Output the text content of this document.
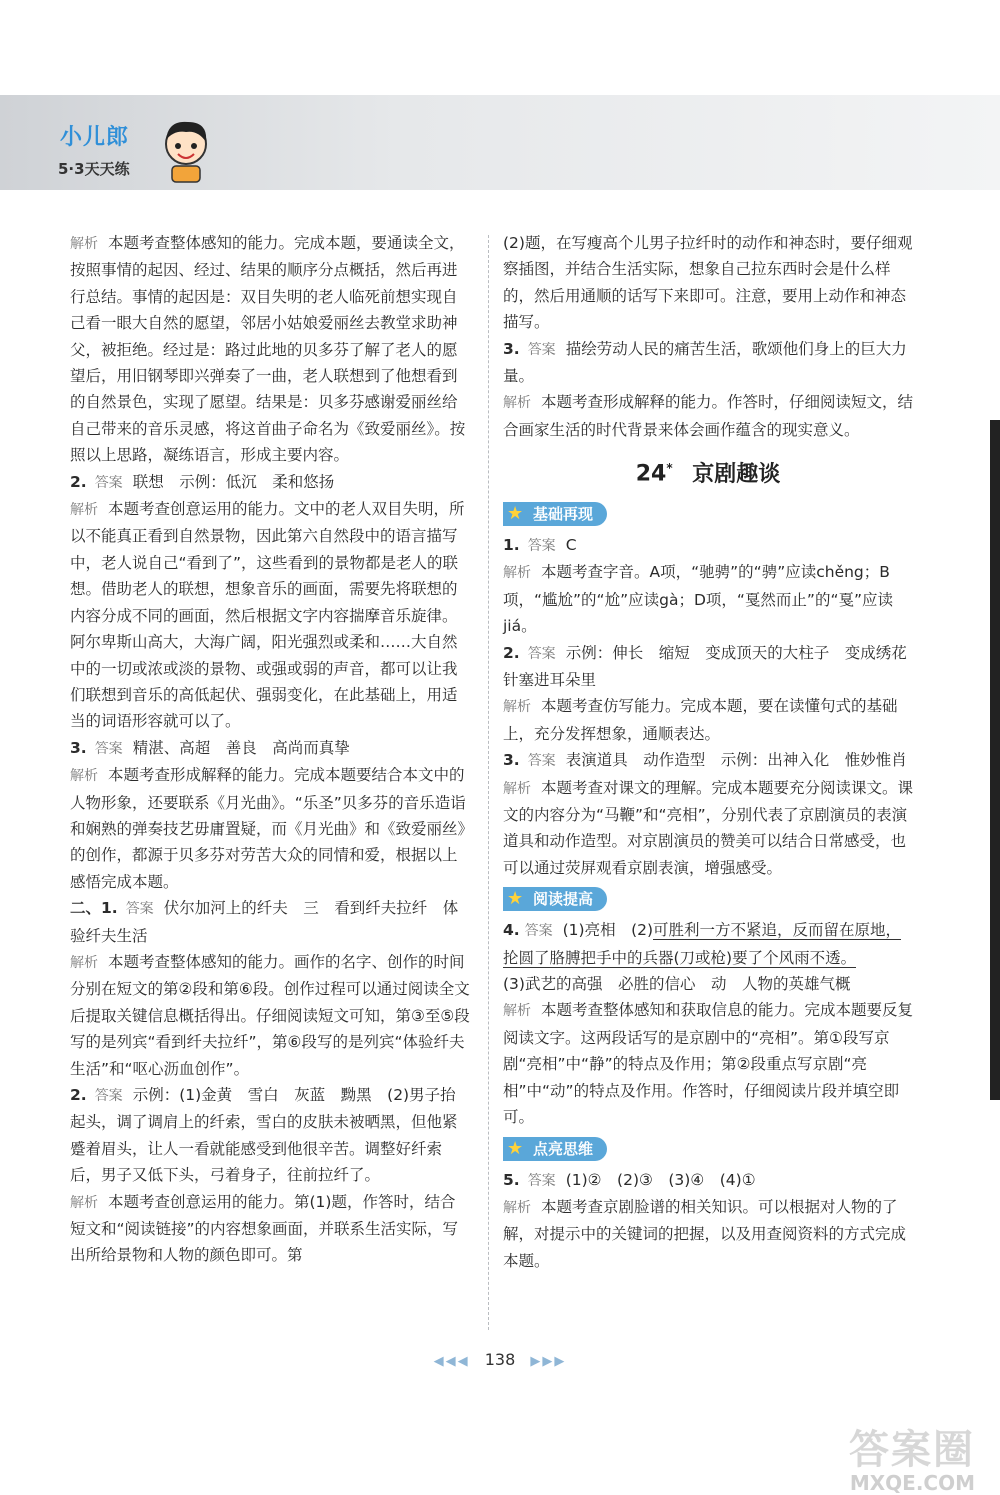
小儿郎
5·3天天练

解析 本题考查整体感知的能力。完成本题，要通读全文，按照事情的起因、经过、结果的顺序分点概括，然后再进行总结。事情的起因是：双目失明的老人临死前想实现自己看一眼大自然的愿望，邻居小姑娘爱丽丝去教堂求助神父，被拒绝。经过是：路过此地的贝多芬了解了老人的愿望后，用旧钢琴即兴弹奏了一曲，老人联想到了他想看到的自然景色，实现了愿望。结果是：贝多芬感谢爱丽丝给自己带来的音乐灵感，将这首曲子命名为《致爱丽丝》。按照以上思路，凝练语言，形成主要内容。

2. 答案 联想　示例：低沉　柔和悠扬

解析 本题考查创意运用的能力。文中的老人双目失明，所以不能真正看到自然景物，因此第六自然段中的语言描写中，老人说自己“看到了”，这些看到的景物都是老人的联想。借助老人的联想，想象音乐的画面，需要先将联想的内容分成不同的画面，然后根据文字内容揣摩音乐旋律。阿尔卑斯山高大，大海广阔，阳光强烈或柔和……大自然中的一切或浓或淡的景物、或强或弱的声音，都可以让我们联想到音乐的高低起伏、强弱变化，在此基础上，用适当的词语形容就可以了。

3. 答案 精湛、高超　善良　高尚而真挚

解析 本题考查形成解释的能力。完成本题要结合本文中的人物形象，还要联系《月光曲》。“乐圣”贝多芬的音乐造诣和娴熟的弹奏技艺毋庸置疑，而《月光曲》和《致爱丽丝》的创作，都源于贝多芬对劳苦大众的同情和爱，根据以上感悟完成本题。

二、1. 答案 伏尔加河上的纤夫　三　看到纤夫拉纤　体验纤夫生活

解析 本题考查整体感知的能力。画作的名字、创作的时间分别在短文的第②段和第⑥段。创作过程可以通过阅读全文后提取关键信息概括得出。仔细阅读短文可知，第③至⑤段写的是列宾“看到纤夫拉纤”，第⑥段写的是列宾“体验纤夫生活”和“呕心沥血创作”。

2. 答案 示例：(1)金黄　雪白　灰蓝　黝黑　(2)男子抬起头，调了调肩上的纤索，雪白的皮肤未被晒黑，但他紧蹙着眉头，让人一看就能感受到他很辛苦。调整好纤索后，男子又低下头，弓着身子，往前拉纤了。

解析 本题考查创意运用的能力。第(1)题，作答时，结合短文和“阅读链接”的内容想象画面，并联系生活实际，写出所给景物和人物的颜色即可。第

(2)题，在写瘦高个儿男子拉纤时的动作和神态时，要仔细观察插图，并结合生活实际，想象自己拉东西时会是什么样的，然后用通顺的话写下来即可。注意，要用上动作和神态描写。

3. 答案 描绘劳动人民的痛苦生活，歌颂他们身上的巨大力量。

解析 本题考查形成解释的能力。作答时，仔细阅读短文，结合画家生活的时代背景来体会画作蕴含的现实意义。

24* 京剧趣谈
★ 基础再现

1. 答案 C

解析 本题考查字音。A项，“驰骋”的“骋”应读chěng；B项，“尴尬”的“尬”应读gà；D项，“戛然而止”的“戛”应读jiá。

2. 答案 示例：伸长　缩短　变成顶天的大柱子　变成绣花针塞进耳朵里

解析 本题考查仿写能力。完成本题，要在读懂句式的基础上，充分发挥想象，通顺表达。

3. 答案 表演道具　动作造型　示例：出神入化　惟妙惟肖

解析 本题考查对课文的理解。完成本题要充分阅读课文。课文的内容分为“马鞭”和“亮相”，分别代表了京剧演员的表演道具和动作造型。对京剧演员的赞美可以结合日常感受，也可以通过荧屏观看京剧表演，增强感受。

★ 阅读提高

4. 答案 (1)亮相　(2)可胜利一方不紧追，反而留在原地，抡圆了胳膊把手中的兵器(刀或枪)要了个风雨不透。

(3)武艺的高强　必胜的信心　动　人物的英雄气概

解析 本题考查整体感知和获取信息的能力。完成本题要反复阅读文字。这两段话写的是京剧中的“亮相”。第①段写京剧“亮相”中“静”的特点及作用；第②段重点写京剧“亮相”中“动”的特点及作用。作答时，仔细阅读片段并填空即可。

★ 点亮思维

5. 答案 (1)②　(2)③　(3)④　(4)①

解析 本题考查京剧脸谱的相关知识。可以根据对人物的了解，对提示中的关键词的把握，以及用查阅资料的方式完成本题。

◀◀◀ 138 ▶▶▶
答案圈
MXQE.COM
